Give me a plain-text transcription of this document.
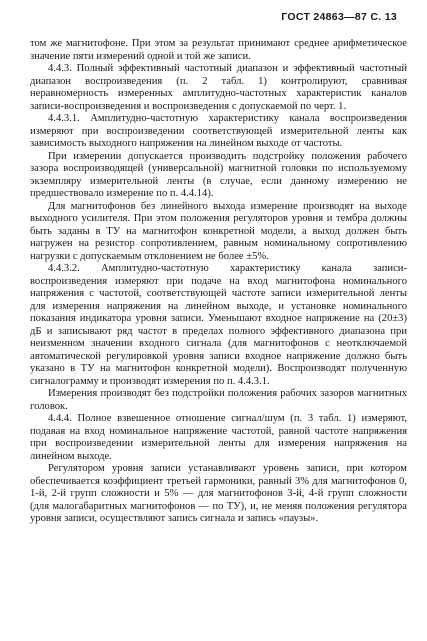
ГОСТ 24863—87 С. 13

том же магнитофоне. При этом за результат принимают среднее арифметическое значение пяти измерений одной и той же записи.

4.4.3. Полный эффективный частотный диапазон и эффективный частотный диапазон воспроизведения (п. 2 табл. 1) контролируют, сравнивая неравномерность измеренных амплитудно-частотных характеристик каналов записи-воспроизведения и воспроизведения с допускаемой по черт. 1.

4.4.3.1. Амплитудно-частотную характеристику канала воспроизведения измеряют при воспроизведении соответствующей измерительной ленты как зависимость выходного напряжения на линейном выходе от частоты.

При измерении допускается производить подстройку положения рабочего зазора воспроизводящей (универсальной) магнитной головки по используемому экземпляру измерительной ленты (в случае, если данному измерению не предшествовало измерение по п. 4.4.14).

Для магнитофонов без линейного выхода измерение производят на выходе выходного усилителя. При этом положения регуляторов уровня и тембра должны быть заданы в ТУ на магнитофон конкретной модели, а выход должен быть нагружен на резистор сопротивлением, равным номинальному сопротивлению нагрузки с допускаемым отклонением не более ±5%.

4.4.3.2. Амплитудно-частотную характеристику канала записи-воспроизведения измеряют при подаче на вход магнитофона номинального напряжения с частотой, соответствующей частоте записи измерительной ленты для измерения напряжения на линейном выходе, и установке номинального показания индикатора уровня записи. Уменьшают входное напряжение на (20±3) дБ и записывают ряд частот в пределах полного эффективного диапазона при неизменном значении входного сигнала (для магнитофонов с неотключаемой автоматической регулировкой уровня записи входное напряжение должно быть указано в ТУ на магнитофон конкретной модели). Воспроизводят полученную сигналограмму и производят измерения по п. 4.4.3.1.

Измерения производят без подстройки положения рабочих зазоров магнитных головок.

4.4.4. Полное взвешенное отношение сигнал/шум (п. 3 табл. 1) измеряют, подавая на вход номинальное напряжение частотой, равной частоте напряжения при воспроизведении измерительной ленты для измерения напряжения на линейном выходе.

Регулятором уровня записи устанавливают уровень записи, при котором обеспечивается коэффициент третьей гармоники, равный 3% для магнитофонов 0, 1-й, 2-й групп сложности и 5% — для магнитофонов 3-й, 4-й групп сложности (для малогабаритных магнитофонов — по ТУ), и, не меняя положения регулятора уровня записи, осуществляют запись сигнала и запись «паузы».
